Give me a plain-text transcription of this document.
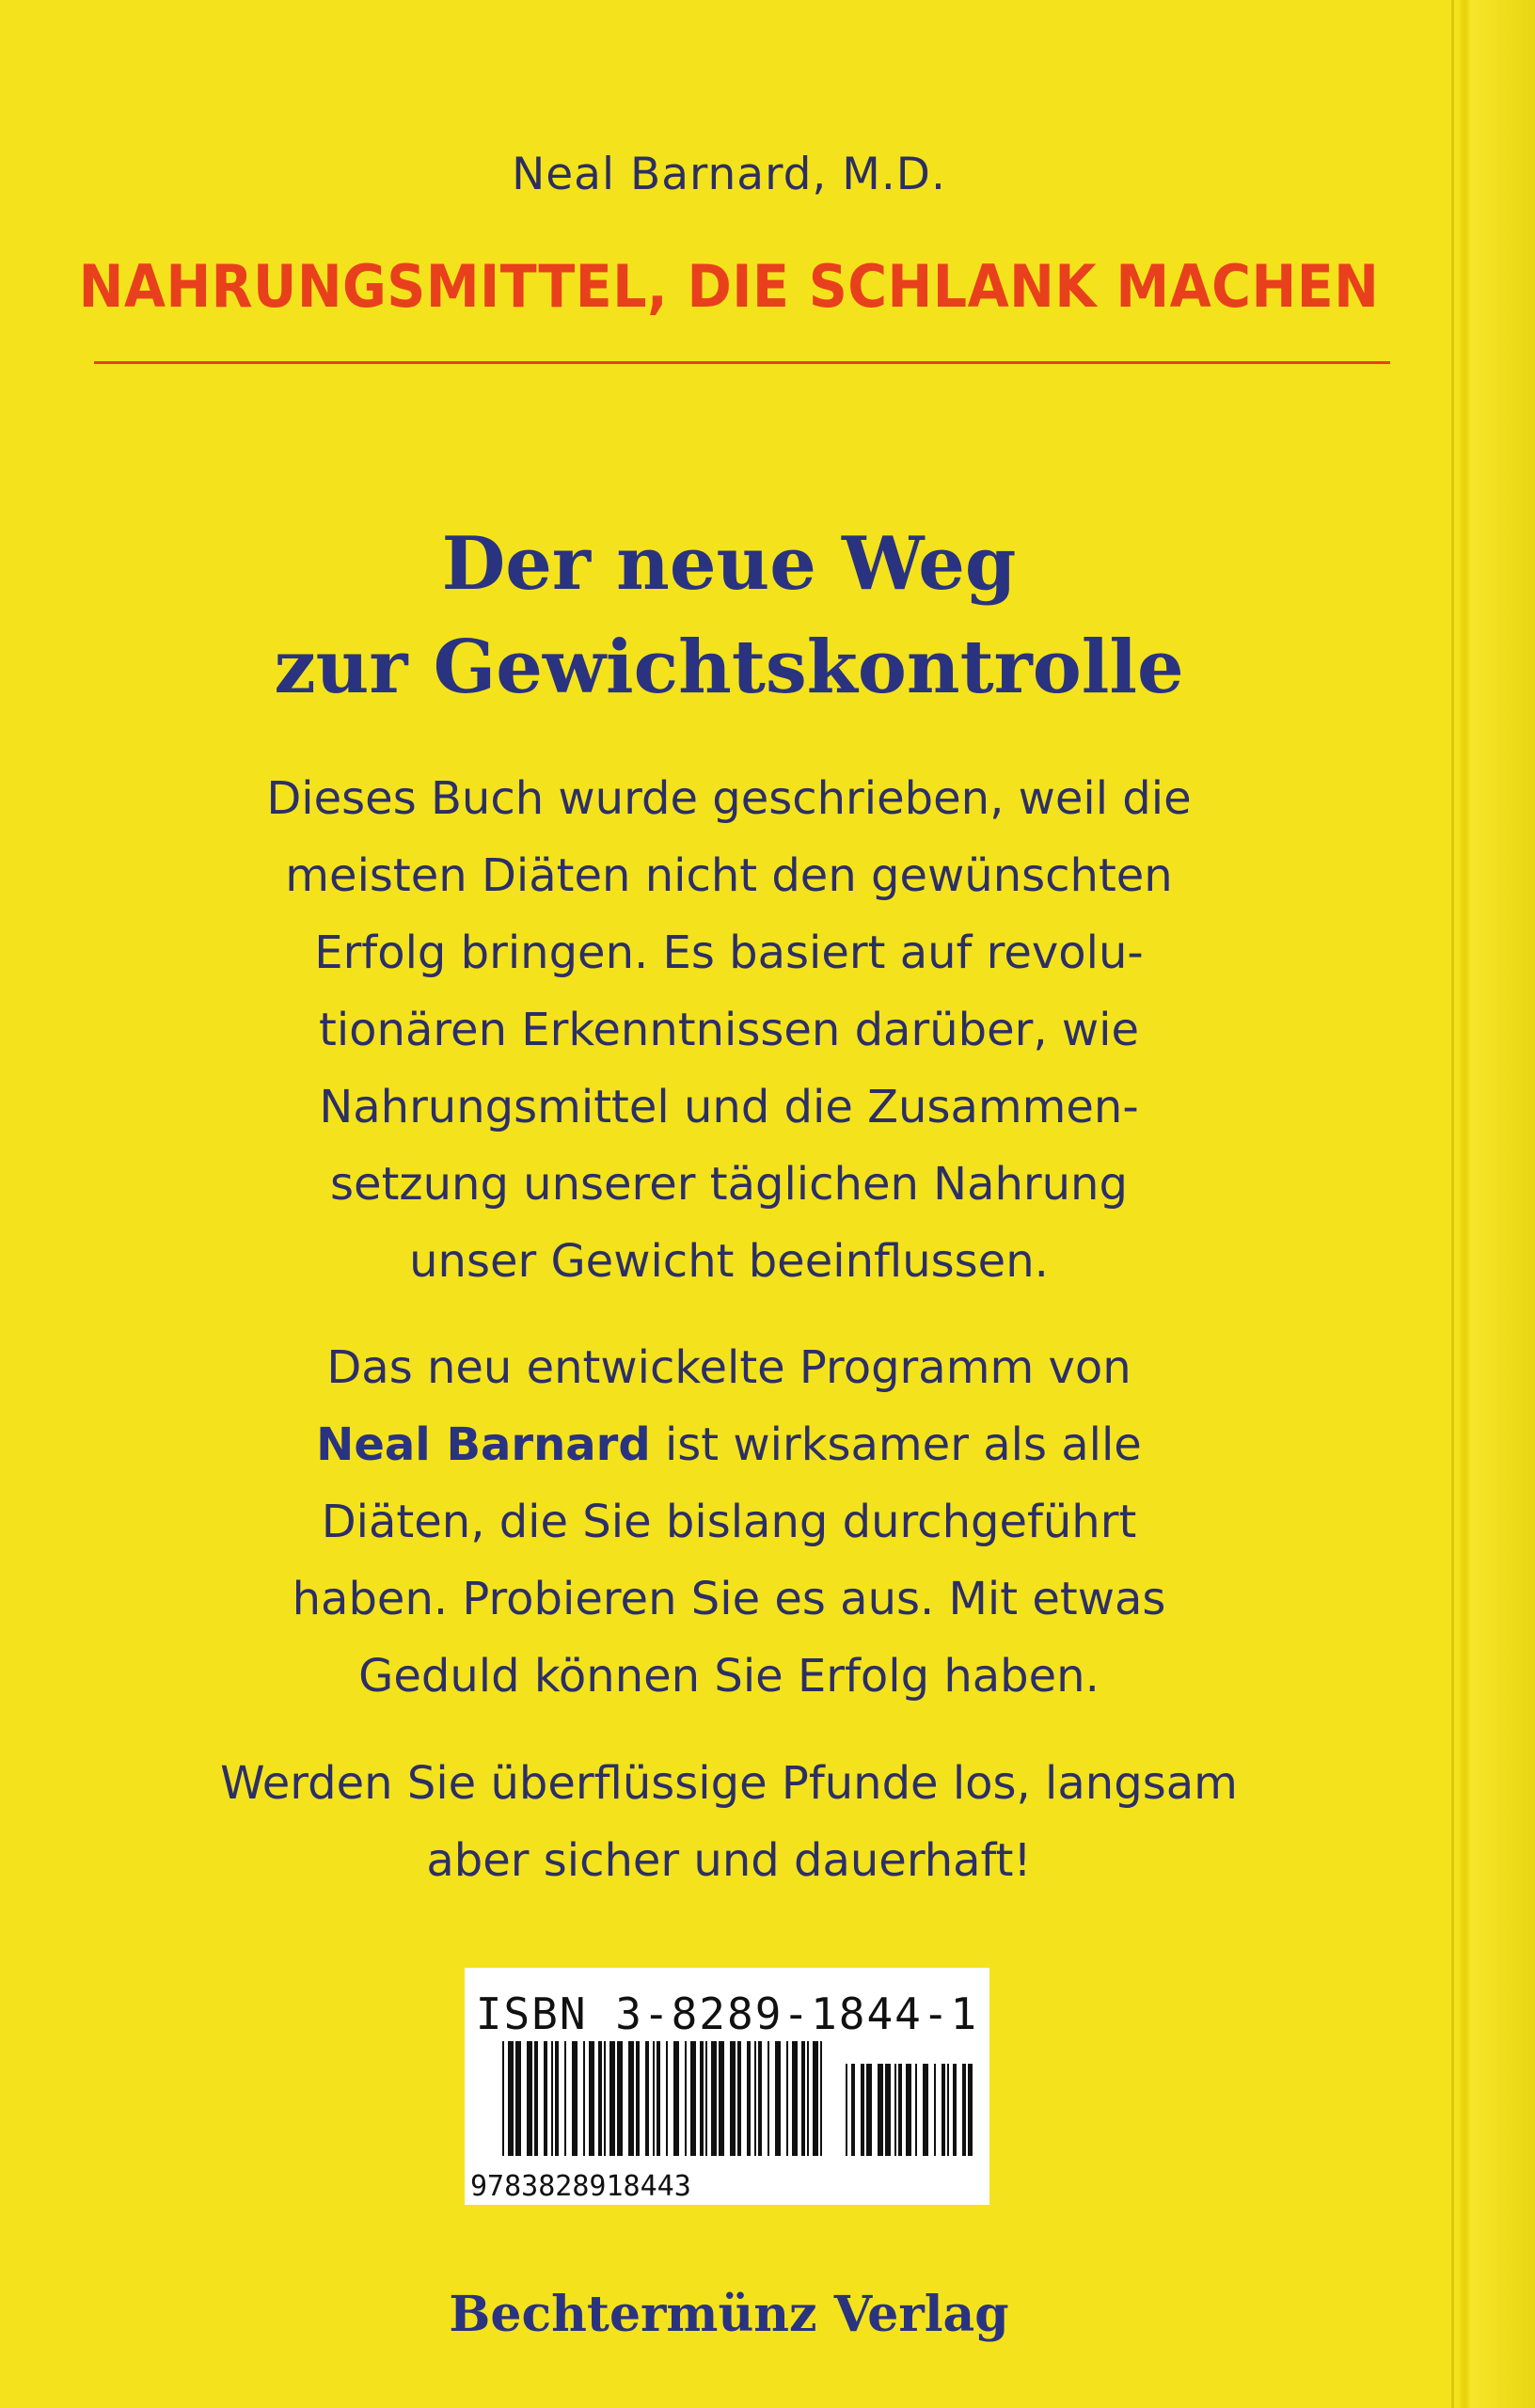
Neal Barnard, M.D.
NAHRUNGSMITTEL, DIE SCHLANK MACHEN
Der neue Weg
zur Gewichtskontrolle
Dieses Buch wurde geschrieben, weil die
meisten Diäten nicht den gewünschten
Erfolg bringen. Es basiert auf revolu-
tionären Erkenntnissen darüber, wie
Nahrungsmittel und die Zusammen-
setzung unserer täglichen Nahrung
unser Gewicht beeinflussen.
Das neu entwickelte Programm von
Neal Barnard ist wirksamer als alle
Diäten, die Sie bislang durchgeführt
haben. Probieren Sie es aus. Mit etwas
Geduld können Sie Erfolg haben.
Werden Sie überflüssige Pfunde los, langsam
aber sicher und dauerhaft!
ISBN 3-8289-1844-1
9783828918443
Bechtermünz Verlag
